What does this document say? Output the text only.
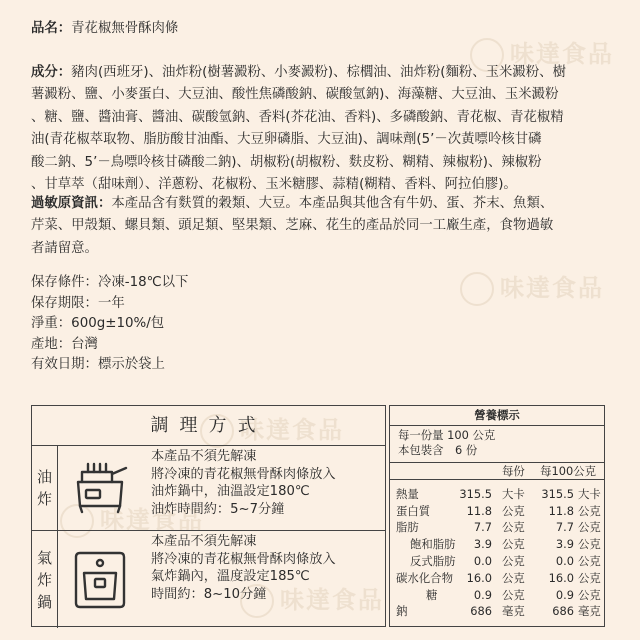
味達食品
味達食品
味達食品
味達食品
味達食品
品名：青花椒無骨酥肉條
成分：豬肉(西班牙)、油炸粉(樹薯澱粉、小麥澱粉)、棕櫚油、油炸粉(麵粉、玉米澱粉、樹
薯澱粉、鹽、小麥蛋白、大豆油、酸性焦磷酸鈉、碳酸氫鈉)、海藻糖、大豆油、玉米澱粉
、糖、鹽、醬油膏、醬油、碳酸氫鈉、香料(芥花油、香料)、多磷酸鈉、青花椒、青花椒精
油(青花椒萃取物、脂肪酸甘油酯、大豆卵磷脂、大豆油)、調味劑(5’－次黃嘌呤核甘磷
酸二鈉、5’－鳥嘌呤核甘磷酸二鈉)、胡椒粉(胡椒粉、麩皮粉、糊精、辣椒粉)、辣椒粉
、甘草萃（甜味劑）、洋蔥粉、花椒粉、玉米糖膠、蒜精(糊精、香料、阿拉伯膠)。
過敏原資訊：本產品含有麩質的穀類、大豆。本產品與其他含有牛奶、蛋、芥末、魚類、
芹菜、甲殼類、螺貝類、頭足類、堅果類、芝麻、花生的產品於同一工廠生產，食物過敏
者請留意。
保存條件：冷凍-18℃以下
保存期限：一年
淨重：600g±10%/包
產地：台灣
有效日期：標示於袋上
調理方式
油
炸
本產品不須先解凍
將冷凍的青花椒無骨酥肉條放入
油炸鍋中，油溫設定180℃
油炸時間約：5~7分鐘
氣
炸
鍋
本產品不須先解凍
將冷凍的青花椒無骨酥肉條放入
氣炸鍋內，溫度設定185℃
時間約：8~10分鐘
營養標示
每一份量 100 公克
本包裝含　6 份
每份 每100公克
熱量	315.5 大卡 315.5 大卡
蛋白質	11.8 公克 11.8 公克
脂肪	7.7 公克	7.7 公克
飽和脂肪 3.9 公克	3.9 公克
反式脂肪 0.0 公克	0.0 公克
碳水化合物 16.0 公克 16.0 公克
糖	0.9 公克	0.9 公克
鈉	686 毫克 686 毫克
